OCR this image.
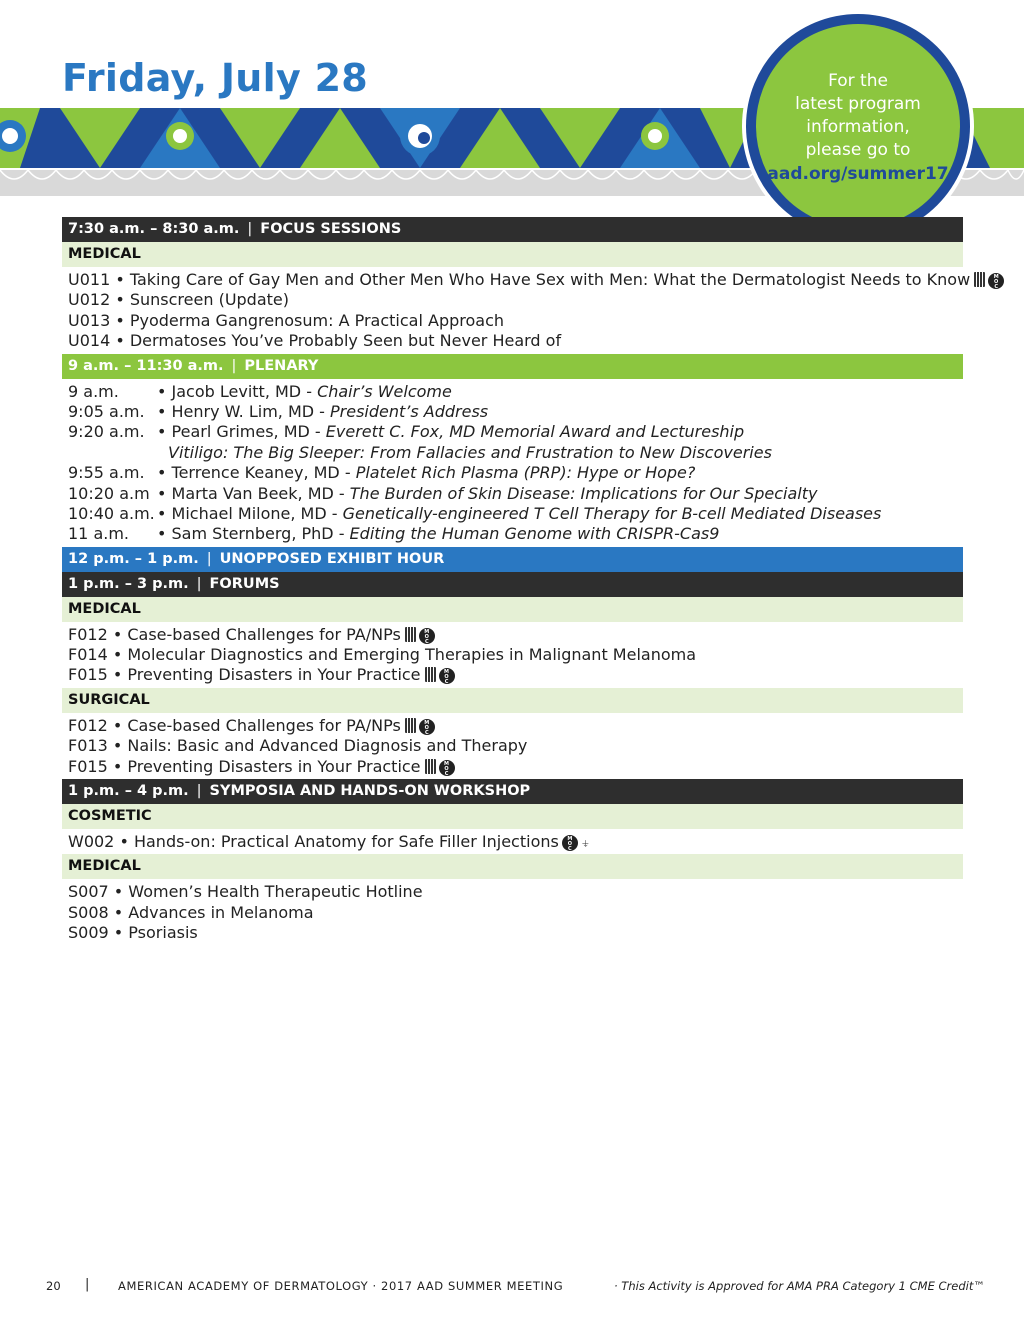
Friday, July 28	For the
latest program
information,
please go to
aad.org/summer17
7:30 a.m. – 8:30 a.m. | FOCUS SESSIONS
MEDICAL
U011 • Taking Care of Gay Men and Other Men Who Have Sex with Men: What the Dermatologist Needs to Know	M
O
C
U012 • Sunscreen (Update)
U013 • Pyoderma Gangrenosum: A Practical Approach
U014 • Dermatoses You’ve Probably Seen but Never Heard of
9 a.m. – 11:30 a.m. | PLENARY
9 a.m. • Jacob Levitt, MD - Chair’s Welcome
9:05 a.m. • Henry W. Lim, MD - President’s Address
9:20 a.m. • Pearl Grimes, MD - Everett C. Fox, MD Memorial Award and Lectureship
Vitiligo: The Big Sleeper: From Fallacies and Frustration to New Discoveries
9:55 a.m. • Terrence Keaney, MD - Platelet Rich Plasma (PRP): Hype or Hope?
10:20 a.m • Marta Van Beek, MD - The Burden of Skin Disease: Implications for Our Specialty
10:40 a.m. • Michael Milone, MD - Genetically-engineered T Cell Therapy for B-cell Mediated Diseases
11 a.m. • Sam Sternberg, PhD - Editing the Human Genome with CRISPR-Cas9
12 p.m. – 1 p.m. | UNOPPOSED EXHIBIT HOUR
1 p.m. – 3 p.m. | FORUMS
MEDICAL
F012 • Case-based Challenges for PA/NPs	M
O
C
F014 • Molecular Diagnostics and Emerging Therapies in Malignant Melanoma
F015 • Preventing Disasters in Your Practice	M
O
C
SURGICAL
F012 • Case-based Challenges for PA/NPs	M
O
C
F013 • Nails: Basic and Advanced Diagnosis and Therapy
F015 • Preventing Disasters in Your Practice	M
O
C
1 p.m. – 4 p.m. | SYMPOSIA AND HANDS-ON WORKSHOP
COSMETIC
W002 • Hands-on: Practical Anatomy for Safe Filler Injections	M
O
C ⍖
MEDICAL
S007 • Women’s Health Therapeutic Hotline
S008 • Advances in Melanoma
S009 • Psoriasis
20 | AMERICAN ACADEMY OF DERMATOLOGY · 2017 AAD SUMMER MEETING	· This Activity is Approved for AMA PRA Category 1 CME Credit™
